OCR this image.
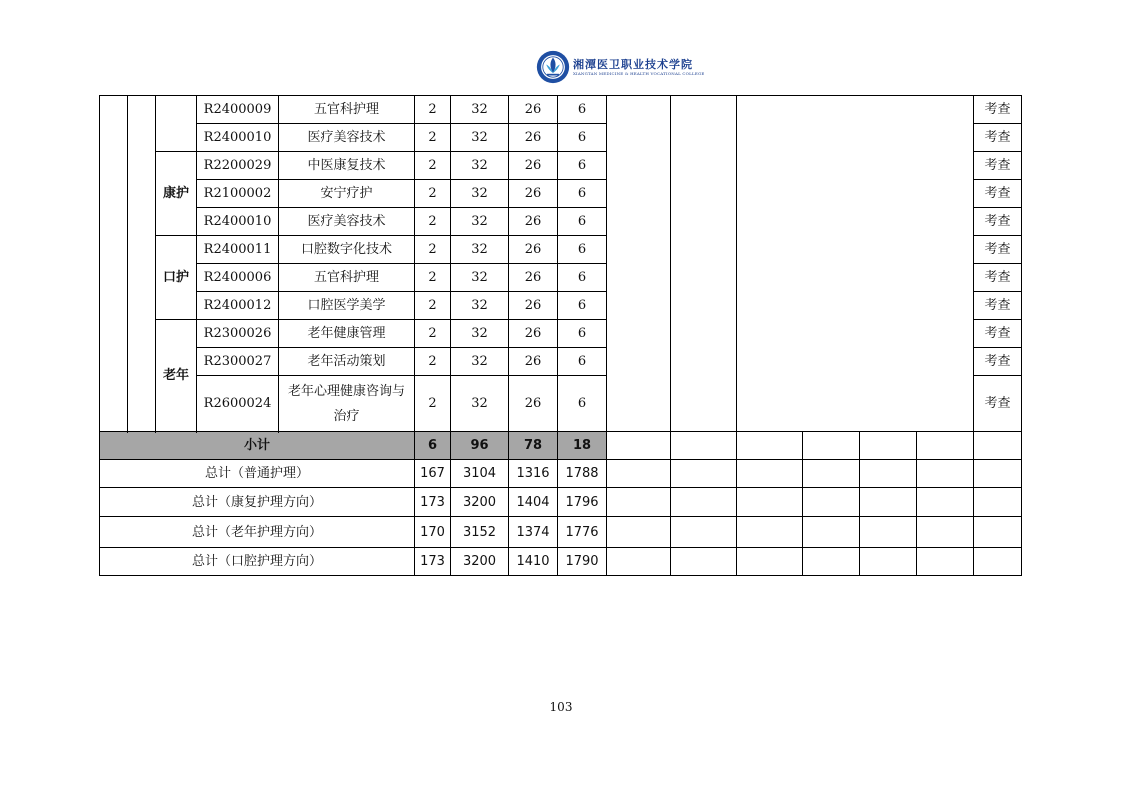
湘潭医卫职业技术学院
XIANGTAN MEDICINE & HEALTH VOCATIONAL COLLEGE
			R2400009	五官科护理	2	32	26	6							考查
			R2400010	医疗美容技术	2	32	26	6							考查
		康护	R2200029	中医康复技术	2	32	26	6							考查
			R2100002	安宁疗护	2	32	26	6							考查
			R2400010	医疗美容技术	2	32	26	6							考查
		口护	R2400011	口腔数字化技术	2	32	26	6							考查
			R2400006	五官科护理	2	32	26	6							考查
			R2400012	口腔医学美学	2	32	26	6							考查
		老年	R2300026	老年健康管理	2	32	26	6							考查
			R2300027	老年活动策划	2	32	26	6							考查
			R2600024	老年心理健康咨询与治疗	2	32	26	6							考查

小计					6	96	78	18							
总计（普通护理）					167	3104	1316	1788							
总计（康复护理方向）					173	3200	1404	1796							
总计（老年护理方向）					170	3152	1374	1776							
总计（口腔护理方向）					173	3200	1410	1790							
103
